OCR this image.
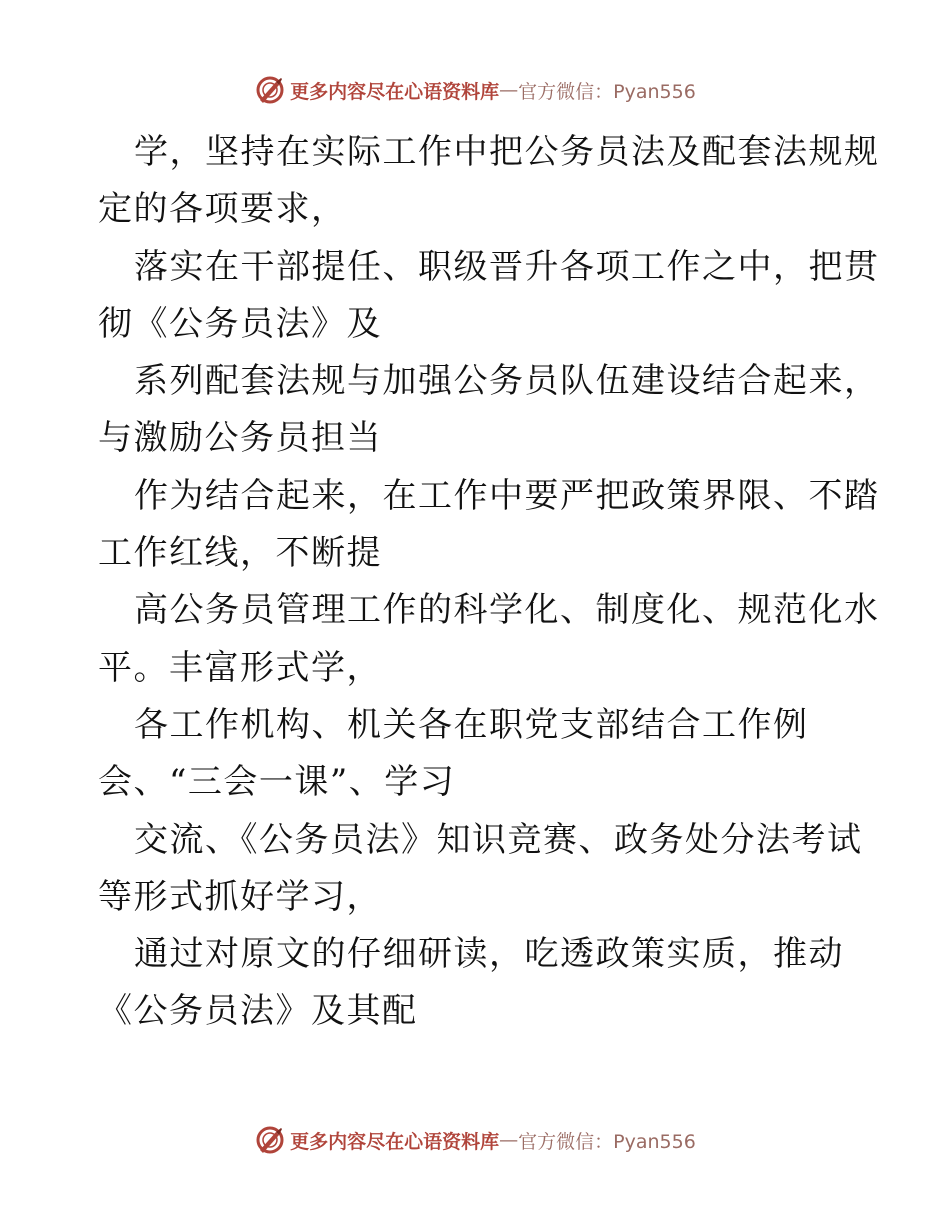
更多内容尽在心语资料库 — 官方微信：Pyan556
学，坚持在实际工作中把公务员法及配套法规规
定的各项要求，
落实在干部提任、职级晋升各项工作之中，把贯
彻《公务员法》及
系列配套法规与加强公务员队伍建设结合起来，
与激励公务员担当
作为结合起来，在工作中要严把政策界限、不踏
工作红线，不断提
高公务员管理工作的科学化、制度化、规范化水
平。丰富形式学，
各工作机构、机关各在职党支部结合工作例
会、“三会一课”、学习
交流、《公务员法》知识竞赛、政务处分法考试
等形式抓好学习，
通过对原文的仔细研读，吃透政策实质，推动
《公务员法》及其配
更多内容尽在心语资料库 — 官方微信：Pyan556
